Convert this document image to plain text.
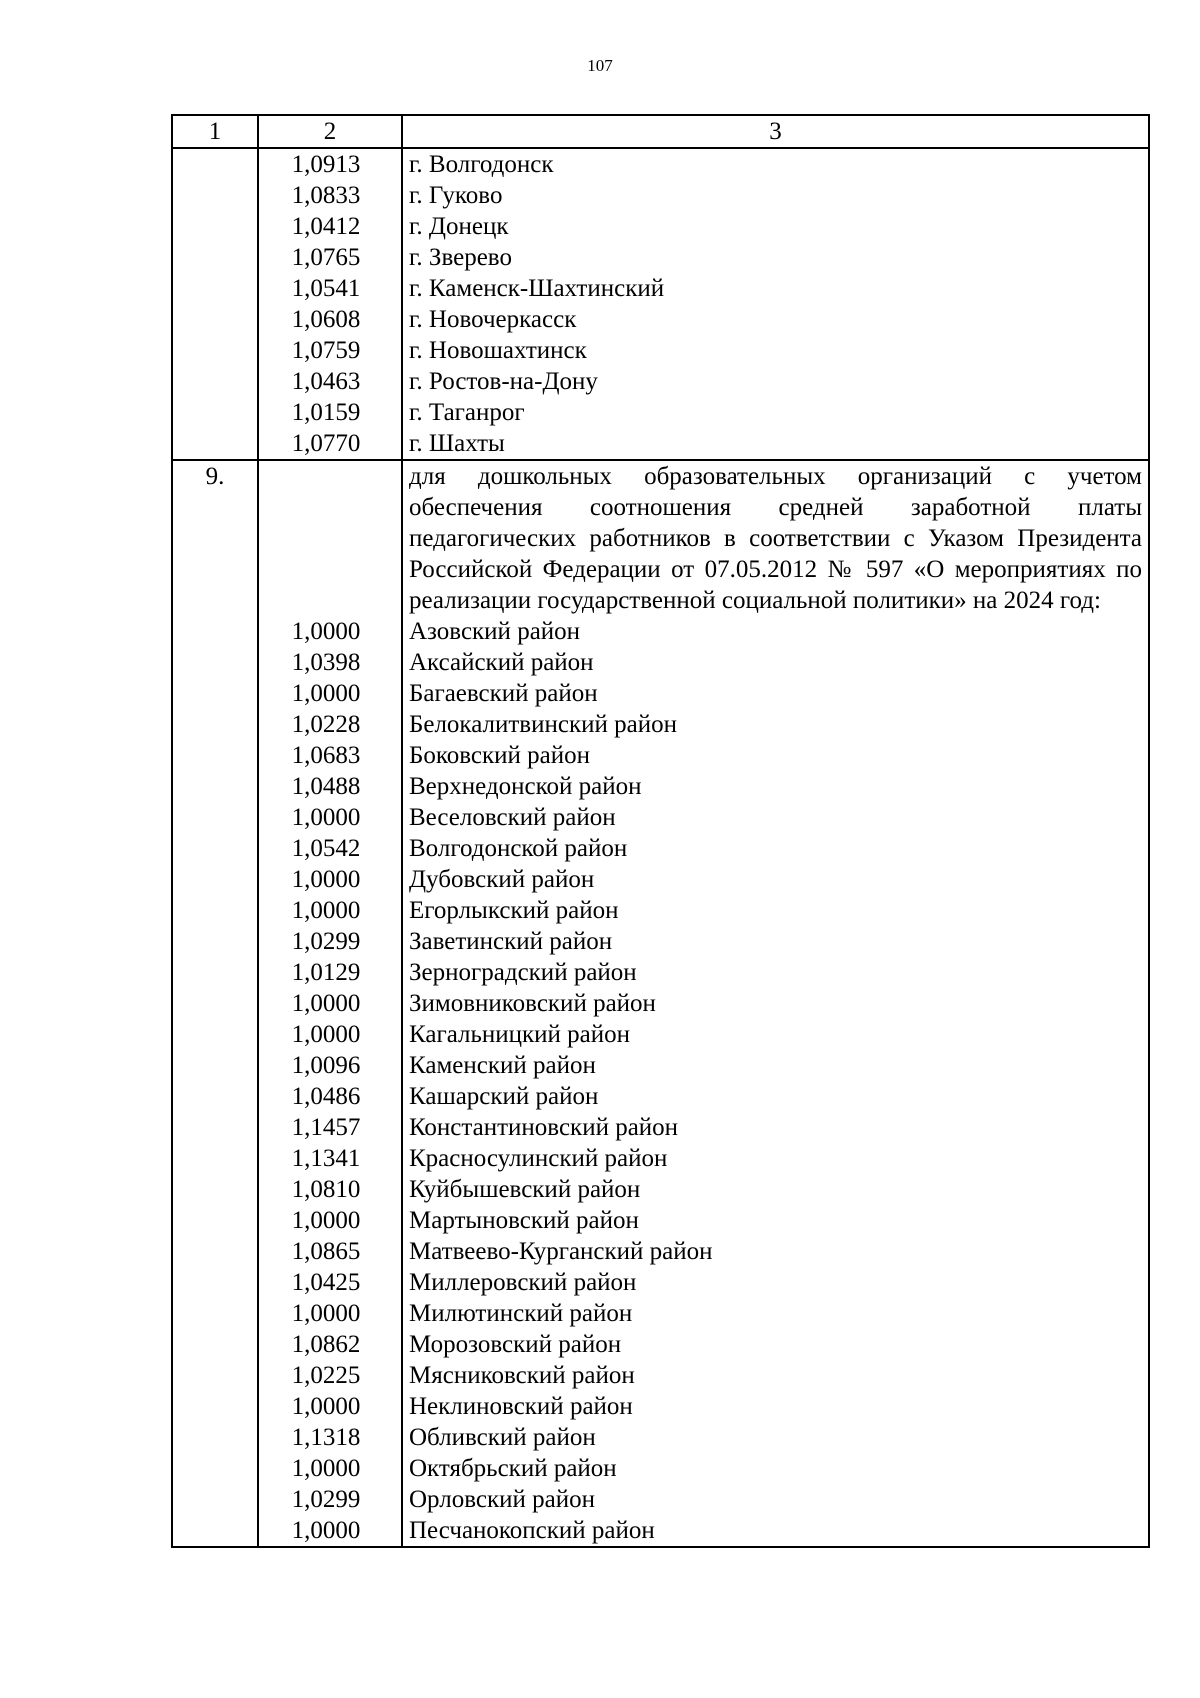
107
1	2	3
	1,0913	г. Волгодонск
	1,0833	г. Гуково
	1,0412	г. Донецк
	1,0765	г. Зверево
	1,0541	г. Каменск-Шахтинский
	1,0608	г. Новочеркасск
	1,0759	г. Новошахтинск
	1,0463	г. Ростов-на-Дону
	1,0159	г. Таганрог
	1,0770	г. Шахты
9.		для дошкольных образовательных организаций с учетом обеспечения соотношения средней заработной платы педагогических работников в соответствии с Указом Президента Российской Федерации от 07.05.2012 № 597 «О мероприятиях по реализации государственной социальной политики» на 2024 год:
	1,0000	Азовский район
	1,0398	Аксайский район
	1,0000	Багаевский район
	1,0228	Белокалитвинский район
	1,0683	Боковский район
	1,0488	Верхнедонской район
	1,0000	Веселовский район
	1,0542	Волгодонской район
	1,0000	Дубовский район
	1,0000	Егорлыкский район
	1,0299	Заветинский район
	1,0129	Зерноградский район
	1,0000	Зимовниковский район
	1,0000	Кагальницкий район
	1,0096	Каменский район
	1,0486	Кашарский район
	1,1457	Константиновский район
	1,1341	Красносулинский район
	1,0810	Куйбышевский район
	1,0000	Мартыновский район
	1,0865	Матвеево-Курганский район
	1,0425	Миллеровский район
	1,0000	Милютинский район
	1,0862	Морозовский район
	1,0225	Мясниковский район
	1,0000	Неклиновский район
	1,1318	Обливский район
	1,0000	Октябрьский район
	1,0299	Орловский район
	1,0000	Песчанокопский район
